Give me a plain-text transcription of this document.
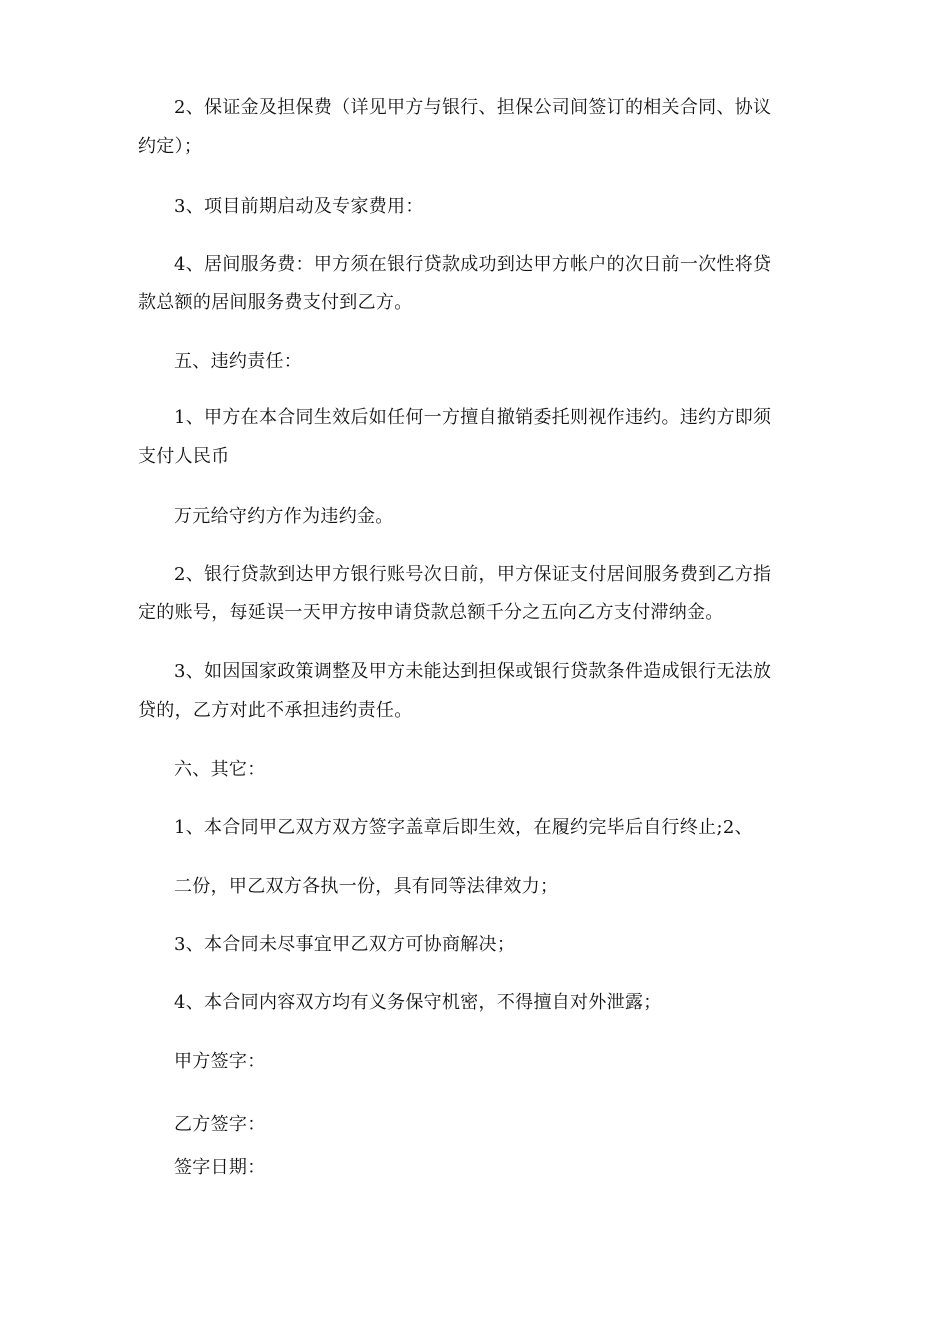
2、保证金及担保费（详见甲方与银行、担保公司间签订的相关合同、协议
约定）；
3、项目前期启动及专家费用：
4、居间服务费：甲方须在银行贷款成功到达甲方帐户的次日前一次性将贷
款总额的居间服务费支付到乙方。
五、违约责任：
1、甲方在本合同生效后如任何一方擅自撤销委托则视作违约。违约方即须
支付人民币
万元给守约方作为违约金。
2、银行贷款到达甲方银行账号次日前，甲方保证支付居间服务费到乙方指
定的账号，每延误一天甲方按申请贷款总额千分之五向乙方支付滞纳金。
3、如因国家政策调整及甲方未能达到担保或银行贷款条件造成银行无法放
贷的，乙方对此不承担违约责任。
六、其它：
1、本合同甲乙双方双方签字盖章后即生效，在履约完毕后自行终止;2、
二份，甲乙双方各执一份，具有同等法律效力；
3、本合同未尽事宜甲乙双方可协商解决；
4、本合同内容双方均有义务保守机密，不得擅自对外泄露；
甲方签字：
乙方签字：
签字日期：
